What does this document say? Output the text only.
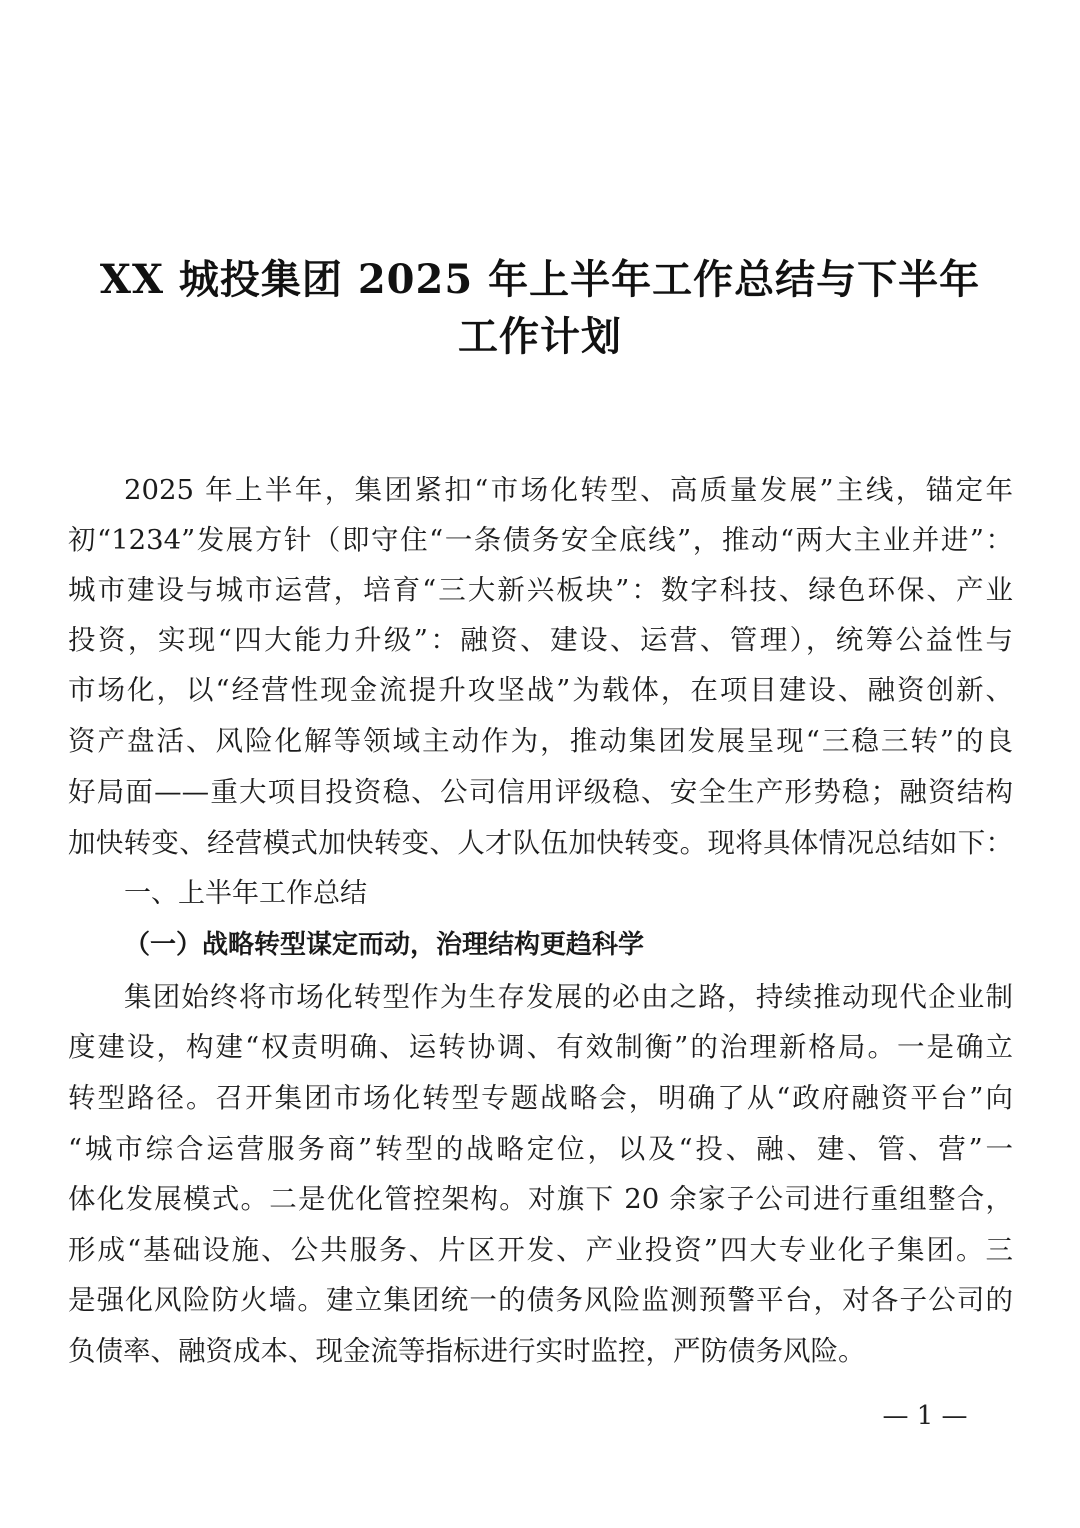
XX 城投集团 2025 年上半年工作总结与下半年
工作计划
2025 年上半年，集团紧扣“市场化转型、高质量发展”主线，锚定年
初“1234”发展方针（即守住“一条债务安全底线”，推动“两大主业并进”：
城市建设与城市运营，培育“三大新兴板块”：数字科技、绿色环保、产业
投资，实现“四大能力升级”：融资、建设、运营、管理），统筹公益性与
市场化，以“经营性现金流提升攻坚战”为载体，在项目建设、融资创新、
资产盘活、风险化解等领域主动作为，推动集团发展呈现“三稳三转”的良
好局面——重大项目投资稳、公司信用评级稳、安全生产形势稳；融资结构
加快转变、经营模式加快转变、人才队伍加快转变。现将具体情况总结如下：
一、上半年工作总结
（一）战略转型谋定而动，治理结构更趋科学
集团始终将市场化转型作为生存发展的必由之路，持续推动现代企业制
度建设，构建“权责明确、运转协调、有效制衡”的治理新格局。一是确立
转型路径。召开集团市场化转型专题战略会，明确了从“政府融资平台”向
“城市综合运营服务商”转型的战略定位，以及“投、融、建、管、营”一
体化发展模式。二是优化管控架构。对旗下 20 余家子公司进行重组整合，
形成“基础设施、公共服务、片区开发、产业投资”四大专业化子集团。三
是强化风险防火墙。建立集团统一的债务风险监测预警平台，对各子公司的
负债率、融资成本、现金流等指标进行实时监控，严防债务风险。
— 1 —
